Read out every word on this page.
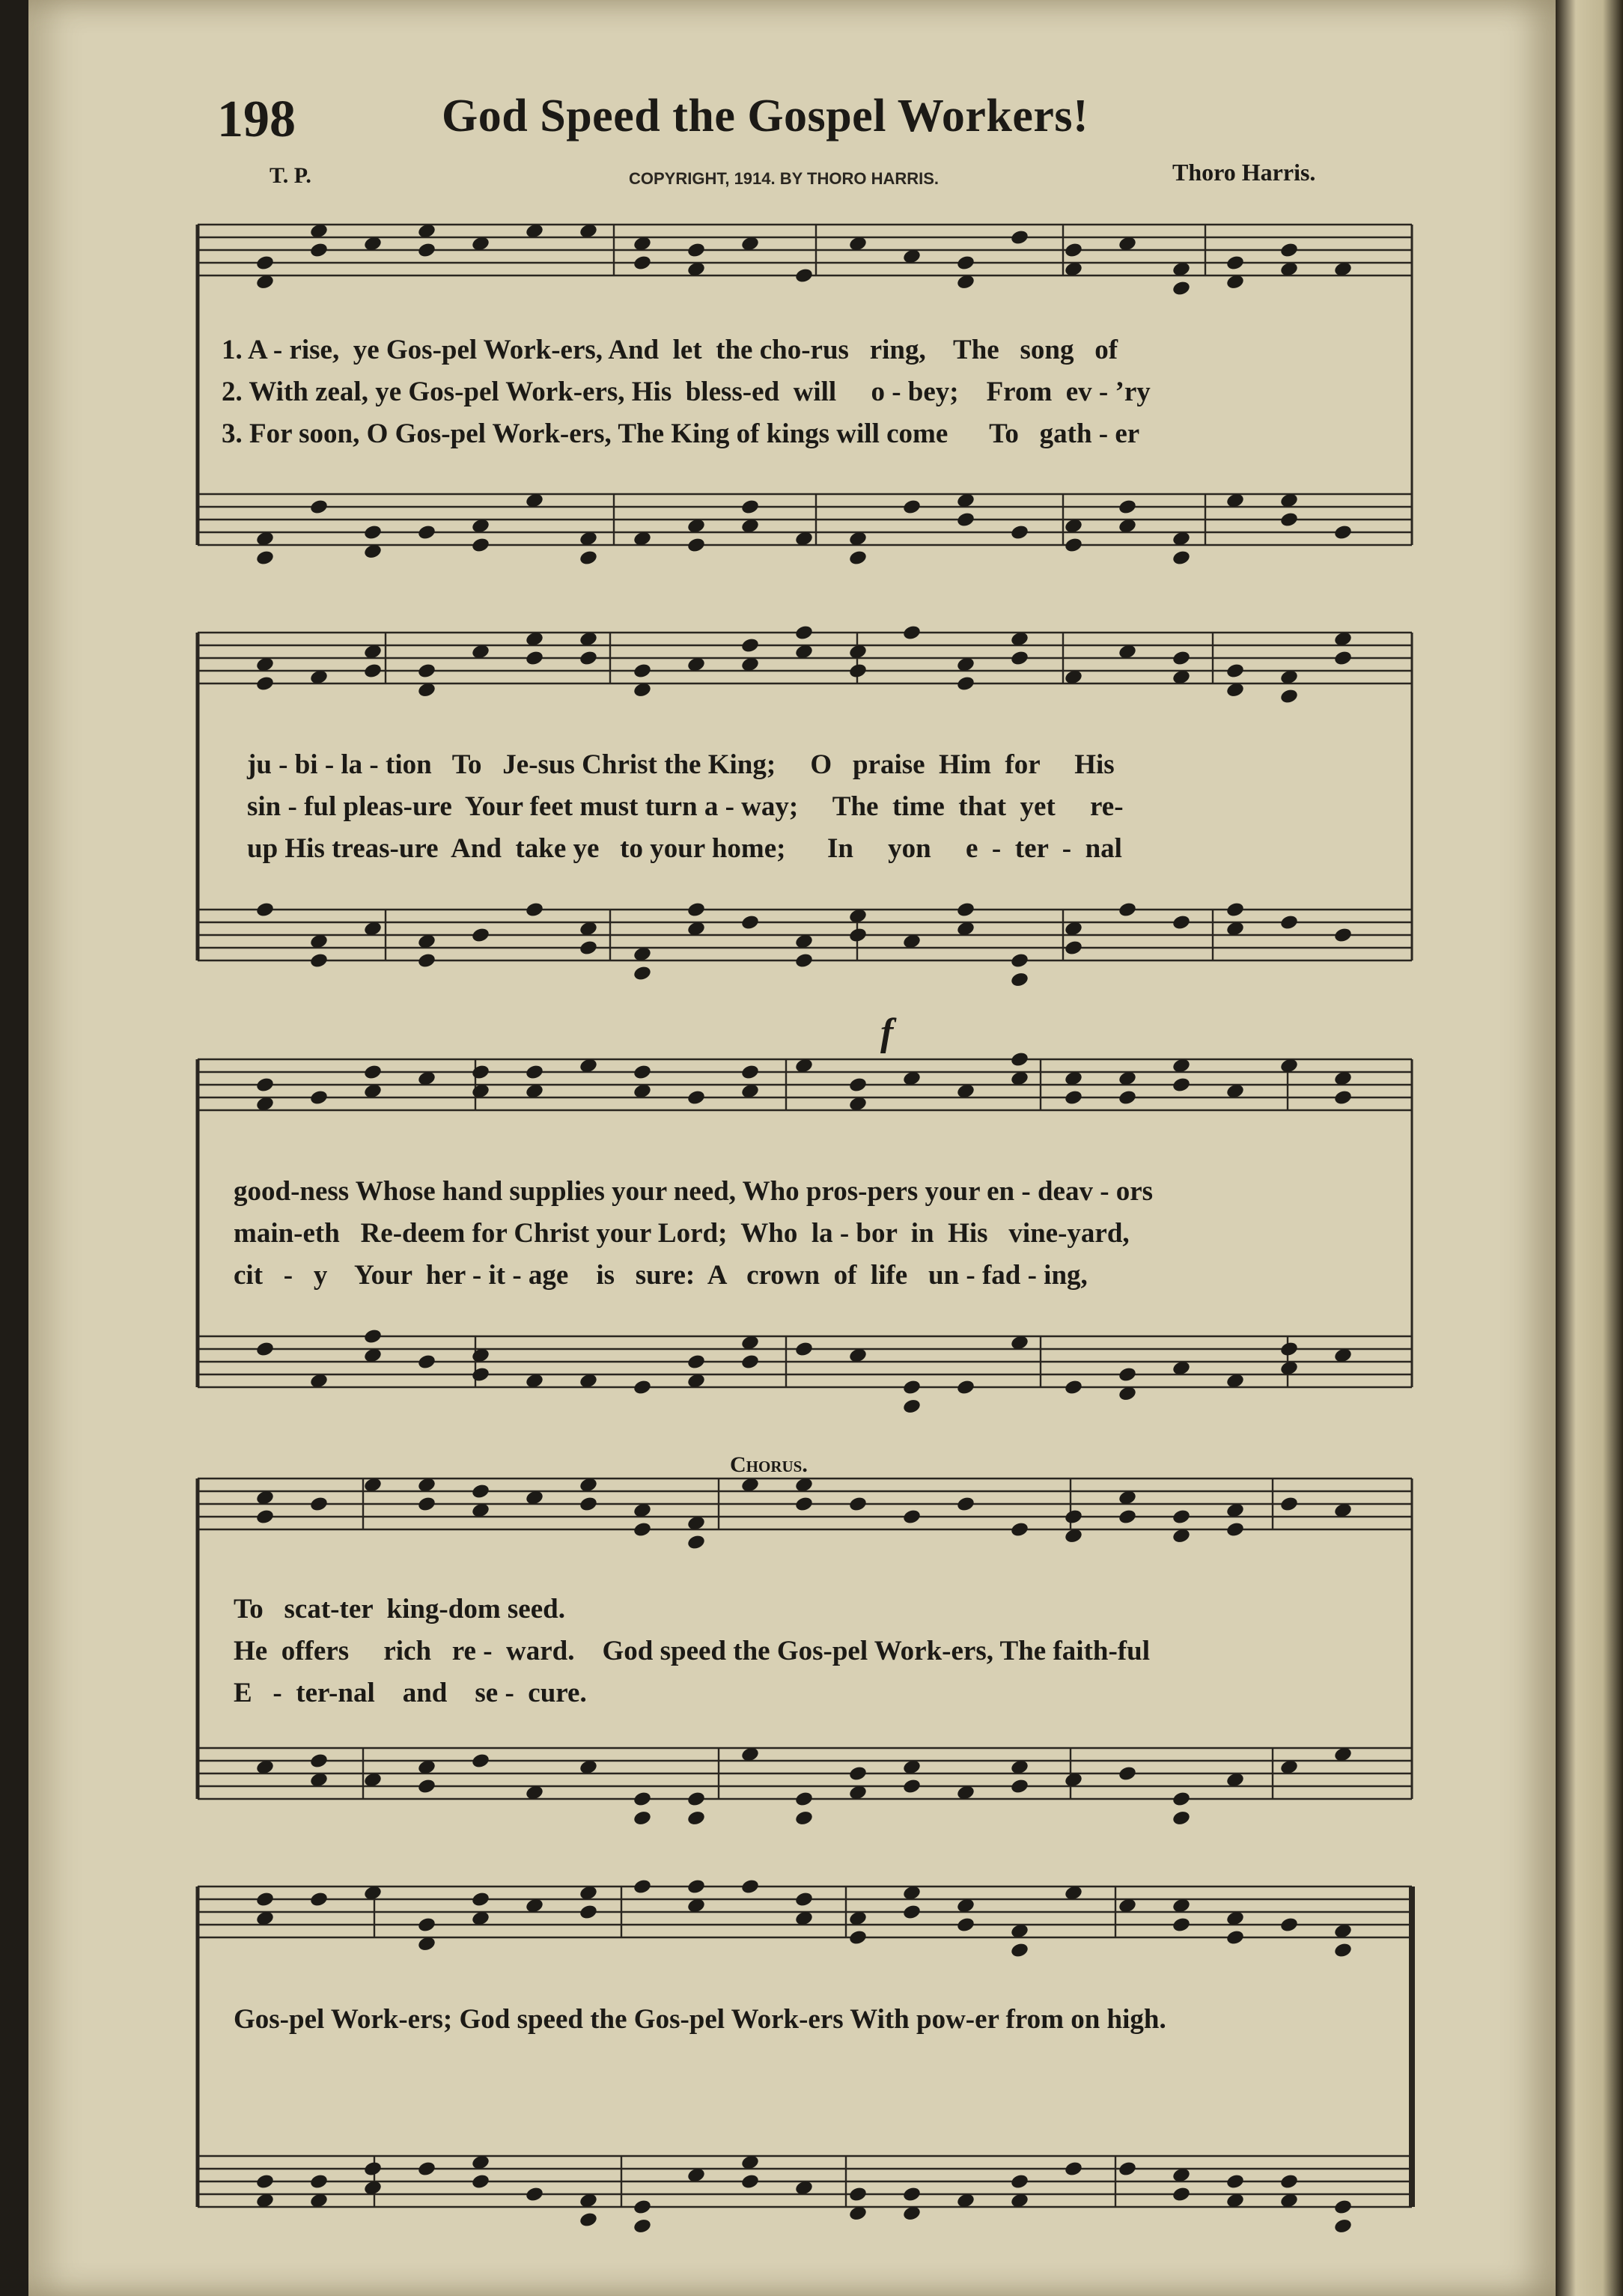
198	God Speed the Gospel Workers!
T. P.	COPYRIGHT, 1914. BY THORO HARRIS.	Thoro Harris.
f
Chorus.
1. A - rise,  ye Gos-pel Work-ers, And  let  the cho-rus   ring,    The   song   of
2. With zeal, ye Gos-pel Work-ers, His  bless-ed  will     o - bey;    From  ev - ’ry
3. For soon, O Gos-pel Work-ers, The King of kings will come      To   gath - er
ju - bi - la - tion   To   Je-sus Christ the King;     O   praise  Him  for     His
sin - ful pleas-ure  Your feet must turn a - way;     The  time  that  yet     re-
up His treas-ure  And  take ye   to your home;      In     yon     e  -  ter  -  nal
good-ness Whose hand supplies your need, Who pros-pers your en - deav - ors
main-eth   Re-deem for Christ your Lord;  Who  la - bor  in  His   vine-yard,
cit   -   y    Your  her - it - age    is   sure:  A   crown  of  life   un - fad - ing,
To   scat-ter  king-dom seed.
He  offers     rich   re -  ward.    God speed the Gos-pel Work-ers, The faith-ful
E   -  ter-nal    and    se -  cure.
Gos-pel Work-ers; God speed the Gos-pel Work-ers With pow-er from on high.
